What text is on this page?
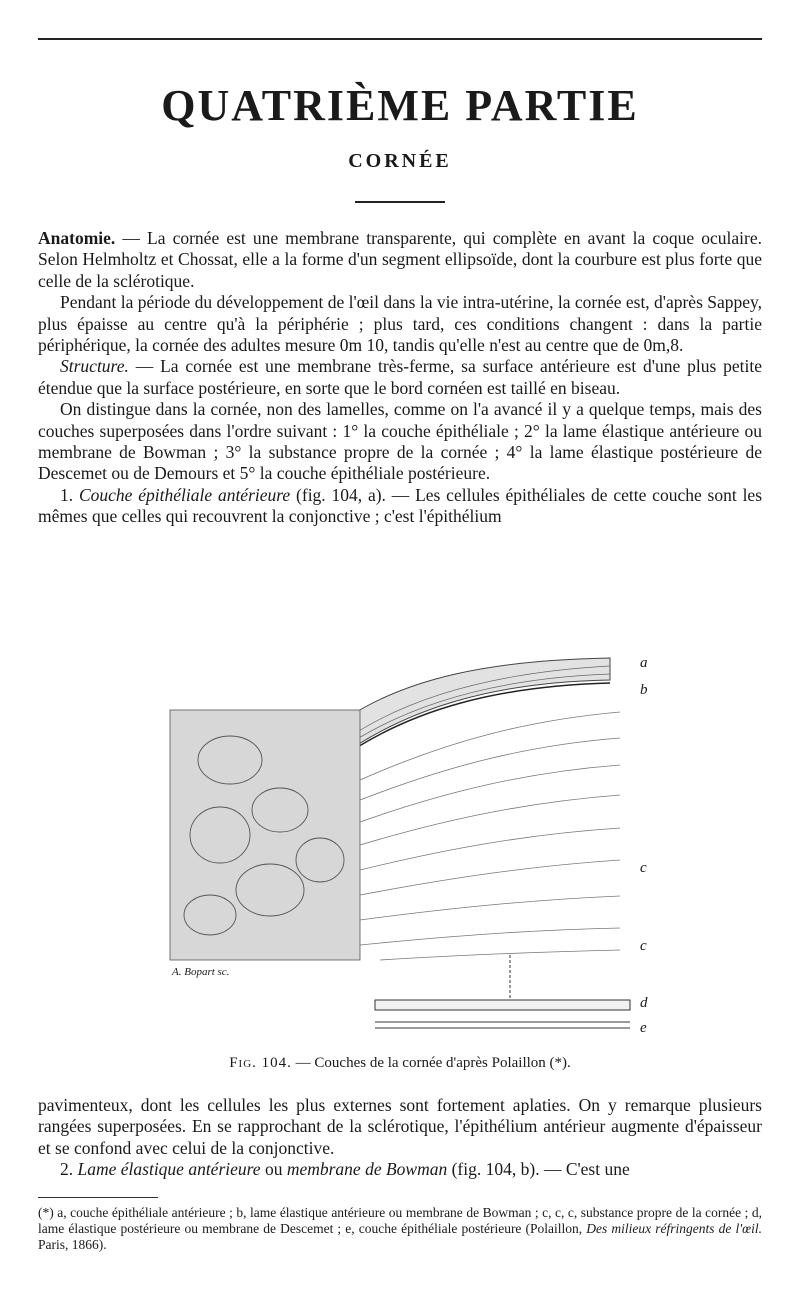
QUATRIÈME PARTIE
CORNÉE

Anatomie. — La cornée est une membrane transparente, qui complète en avant la coque oculaire. Selon Helmholtz et Chossat, elle a la forme d'un segment ellipsoïde, dont la courbure est plus forte que celle de la sclérotique.

Pendant la période du développement de l'œil dans la vie intra-utérine, la cornée est, d'après Sappey, plus épaisse au centre qu'à la périphérie ; plus tard, ces conditions changent : dans la partie périphérique, la cornée des adultes mesure 0m 10, tandis qu'elle n'est au centre que de 0m,8.

Structure. — La cornée est une membrane très-ferme, sa surface antérieure est d'une plus petite étendue que la surface postérieure, en sorte que le bord cornéen est taillé en biseau.

On distingue dans la cornée, non des lamelles, comme on l'a avancé il y a quelque temps, mais des couches superposées dans l'ordre suivant : 1° la couche épithéliale ; 2° la lame élastique antérieure ou membrane de Bowman ; 3° la substance propre de la cornée ; 4° la lame élastique postérieure de Descemet ou de Demours et 5° la couche épithéliale postérieure.

1. Couche épithéliale antérieure (fig. 104, a). — Les cellules épithéliales de cette couche sont les mêmes que celles qui recouvrent la conjonctive ; c'est l'épithélium

a
b
c
c
d
e
A. Bopart sc.
Fig. 104. — Couches de la cornée d'après Polaillon (*).

pavimenteux, dont les cellules les plus externes sont fortement aplaties. On y remarque plusieurs rangées superposées. En se rapprochant de la sclérotique, l'épithélium antérieur augmente d'épaisseur et se confond avec celui de la conjonctive.

2. Lame élastique antérieure ou membrane de Bowman (fig. 104, b). — C'est une

(*) a, couche épithéliale antérieure ; b, lame élastique antérieure ou membrane de Bowman ; c, c, c, substance propre de la cornée ; d, lame élastique postérieure ou membrane de Descemet ; e, couche épithéliale postérieure (Polaillon, Des milieux réfringents de l'œil. Paris, 1866).
